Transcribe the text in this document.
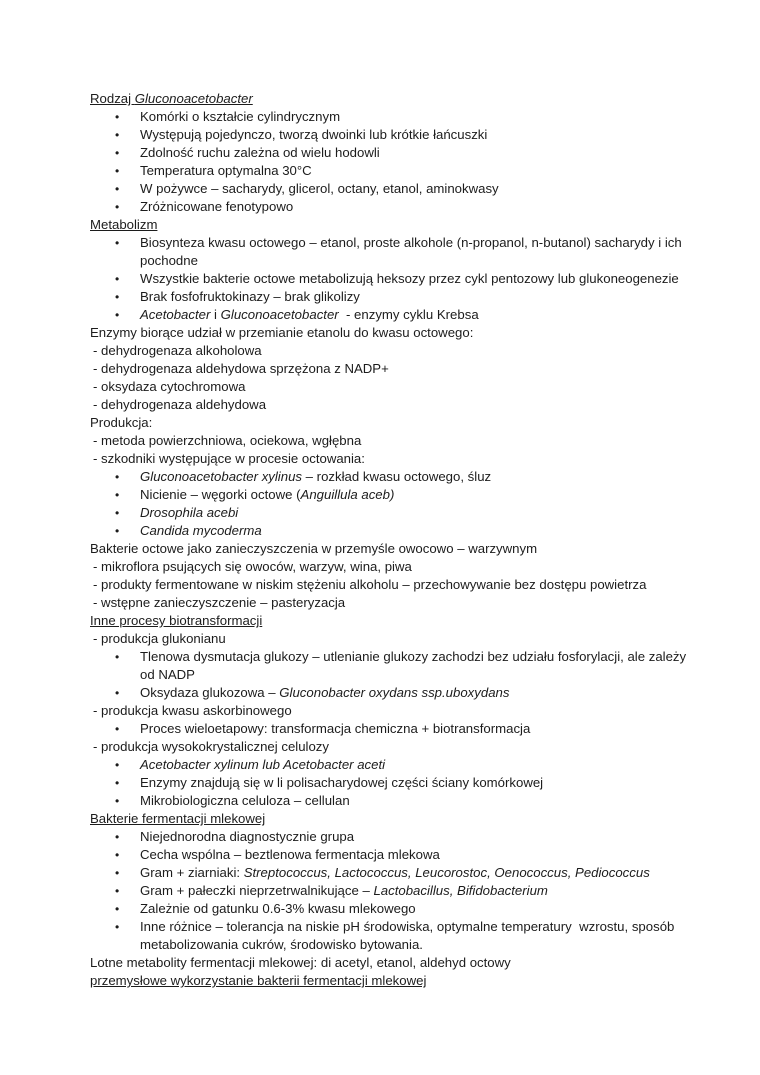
Rodzaj Gluconoacetobacter
• Komórki o kształcie cylindrycznym
• Występują pojedynczo, tworzą dwoinki lub krótkie łańcuszki
• Zdolność ruchu zależna od wielu hodowli
• Temperatura optymalna 30°C
• W pożywce – sacharydy, glicerol, octany, etanol, aminokwasy
• Zróżnicowane fenotypowo
Metabolizm
• Biosynteza kwasu octowego – etanol, proste alkohole (n-propanol, n-butanol) sacharydy i ich
pochodne
• Wszystkie bakterie octowe metabolizują heksozy przez cykl pentozowy lub glukoneogenezie
• Brak fosfofruktokinazy – brak glikolizy
• Acetobacter i Gluconoacetobacter  - enzymy cyklu Krebsa
Enzymy biorące udział w przemianie etanolu do kwasu octowego:
- dehydrogenaza alkoholowa
- dehydrogenaza aldehydowa sprzężona z NADP+
- oksydaza cytochromowa
- dehydrogenaza aldehydowa
Produkcja:
- metoda powierzchniowa, ociekowa, wgłębna
- szkodniki występujące w procesie octowania:
• Gluconoacetobacter xylinus – rozkład kwasu octowego, śluz
• Nicienie – węgorki octowe (Anguillula aceb)
• Drosophila acebi
• Candida mycoderma
Bakterie octowe jako zanieczyszczenia w przemyśle owocowo – warzywnym
- mikroflora psujących się owoców, warzyw, wina, piwa
- produkty fermentowane w niskim stężeniu alkoholu – przechowywanie bez dostępu powietrza
- wstępne zanieczyszczenie – pasteryzacja
Inne procesy biotransformacji
- produkcja glukonianu
• Tlenowa dysmutacja glukozy – utlenianie glukozy zachodzi bez udziału fosforylacji, ale zależy
od NADP
• Oksydaza glukozowa – Gluconobacter oxydans ssp.uboxydans
- produkcja kwasu askorbinowego
• Proces wieloetapowy: transformacja chemiczna + biotransformacja
- produkcja wysokokrystalicznej celulozy
• Acetobacter xylinum lub Acetobacter aceti
• Enzymy znajdują się w li polisacharydowej części ściany komórkowej
• Mikrobiologiczna celuloza – cellulan
Bakterie fermentacji mlekowej
• Niejednorodna diagnostycznie grupa
• Cecha wspólna – beztlenowa fermentacja mlekowa
• Gram + ziarniaki: Streptococcus, Lactococcus, Leucorostoc, Oenococcus, Pediococcus
• Gram + pałeczki nieprzetrwalnikujące – Lactobacillus, Bifidobacterium
• Zależnie od gatunku 0.6-3% kwasu mlekowego
• Inne różnice – tolerancja na niskie pH środowiska, optymalne temperatury  wzrostu, sposób
metabolizowania cukrów, środowisko bytowania.
Lotne metabolity fermentacji mlekowej: di acetyl, etanol, aldehyd octowy
przemysłowe wykorzystanie bakterii fermentacji mlekowej
